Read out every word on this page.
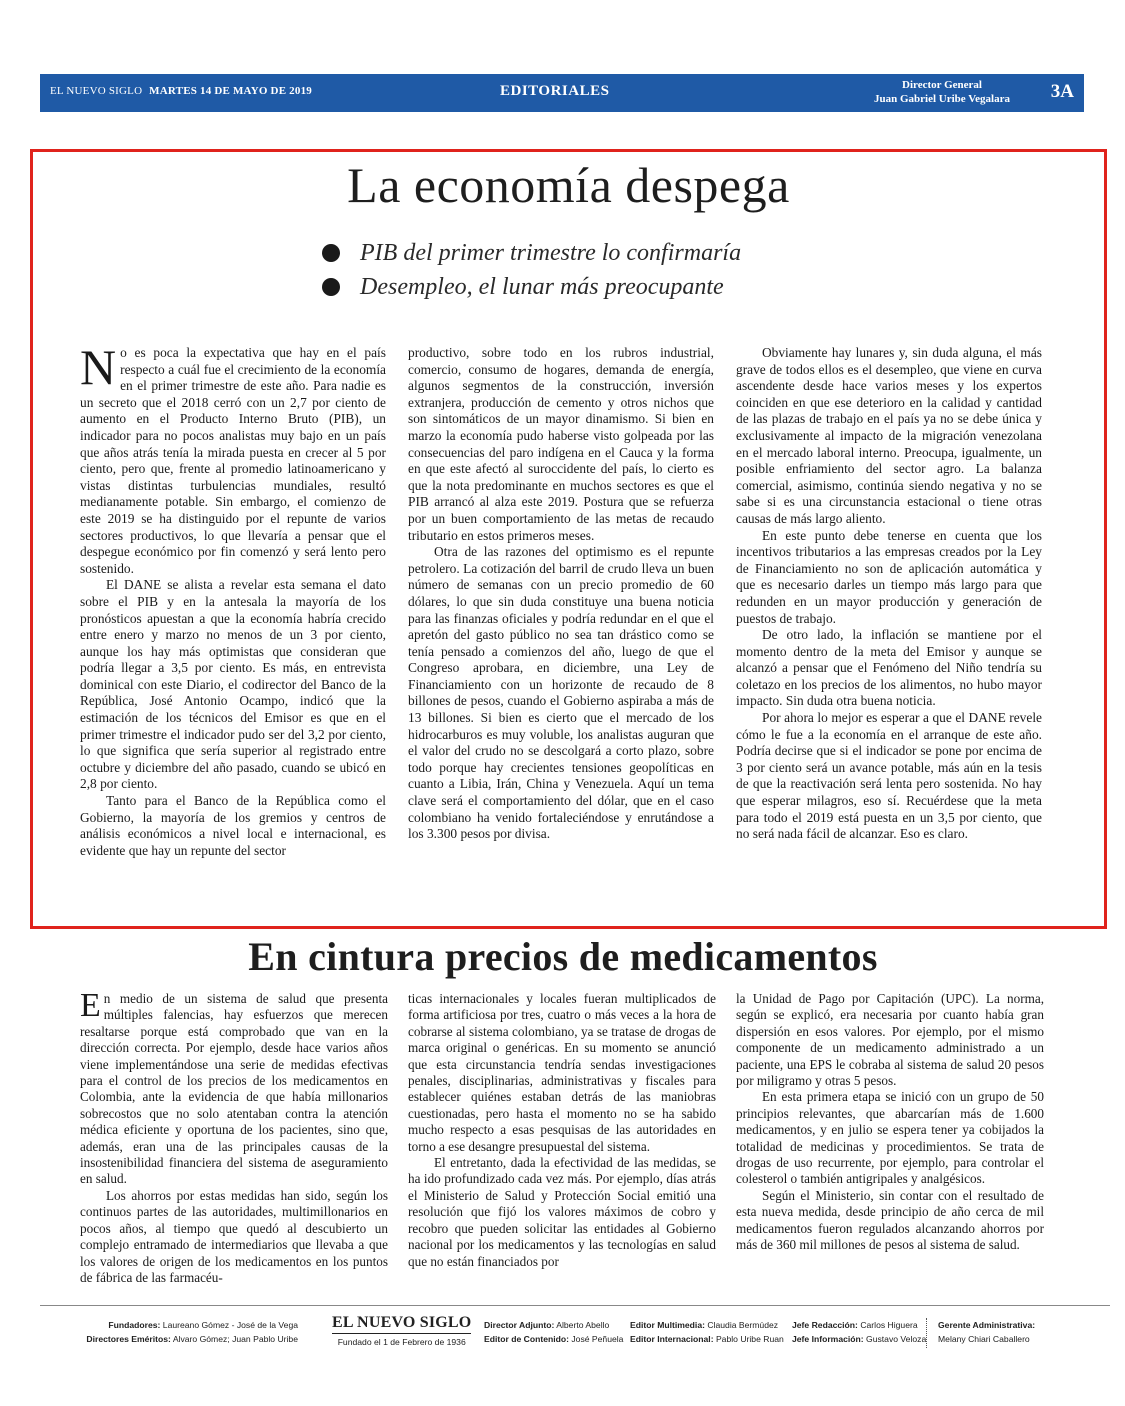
EL NUEVO SIGLO MARTES 14 DE MAYO DE 2019	EDITORIALES	Director General
Juan Gabriel Uribe Vegalara 3A
La economía despega
PIB del primer trimestre lo confirmaría
Desempleo, el lunar más preocupante

No es poca la expectativa que hay en el país respecto a cuál fue el crecimiento de la economía en el primer trimestre de este año. Para nadie es un secreto que el 2018 cerró con un 2,7 por ciento de aumento en el Producto Interno Bruto (PIB), un indicador para no pocos analistas muy bajo en un país que años atrás tenía la mirada puesta en crecer al 5 por ciento, pero que, frente al promedio latinoamericano y vistas distintas turbulencias mundiales, resultó medianamente potable. Sin embargo, el comienzo de este 2019 se ha distinguido por el repunte de varios sectores productivos, lo que llevaría a pensar que el despegue económico por fin comenzó y será lento pero sostenido.

El DANE se alista a revelar esta semana el dato sobre el PIB y en la antesala la mayoría de los pronósticos apuestan a que la economía habría crecido entre enero y marzo no menos de un 3 por ciento, aunque los hay más optimistas que consideran que podría llegar a 3,5 por ciento. Es más, en entrevista dominical con este Diario, el codirector del Banco de la República, José Antonio Ocampo, indicó que la estimación de los técnicos del Emisor es que en el primer trimestre el indicador pudo ser del 3,2 por ciento, lo que significa que sería superior al registrado entre octubre y diciembre del año pasado, cuando se ubicó en 2,8 por ciento.

Tanto para el Banco de la República como el Gobierno, la mayoría de los gremios y centros de análisis económicos a nivel local e internacional, es evidente que hay un repunte del sector

productivo, sobre todo en los rubros industrial, comercio, consumo de hogares, demanda de energía, algunos segmentos de la construcción, inversión extranjera, producción de cemento y otros nichos que son sintomáticos de un mayor dinamismo. Si bien en marzo la economía pudo haberse visto golpeada por las consecuencias del paro indígena en el Cauca y la forma en que este afectó al suroccidente del país, lo cierto es que la nota predominante en muchos sectores es que el PIB arrancó al alza este 2019. Postura que se refuerza por un buen comportamiento de las metas de recaudo tributario en estos primeros meses.

Otra de las razones del optimismo es el repunte petrolero. La cotización del barril de crudo lleva un buen número de semanas con un precio promedio de 60 dólares, lo que sin duda constituye una buena noticia para las finanzas oficiales y podría redundar en el que el apretón del gasto público no sea tan drástico como se tenía pensado a comienzos del año, luego de que el Congreso aprobara, en diciembre, una Ley de Financiamiento con un horizonte de recaudo de 8 billones de pesos, cuando el Gobierno aspiraba a más de 13 billones. Si bien es cierto que el mercado de los hidrocarburos es muy voluble, los analistas auguran que el valor del crudo no se descolgará a corto plazo, sobre todo porque hay crecientes tensiones geopolíticas en cuanto a Libia, Irán, China y Venezuela. Aquí un tema clave será el comportamiento del dólar, que en el caso colombiano ha venido fortaleciéndose y enrutándose a los 3.300 pesos por divisa.

Obviamente hay lunares y, sin duda alguna, el más grave de todos ellos es el desempleo, que viene en curva ascendente desde hace varios meses y los expertos coinciden en que ese deterioro en la calidad y cantidad de las plazas de trabajo en el país ya no se debe única y exclusivamente al impacto de la migración venezolana en el mercado laboral interno. Preocupa, igualmente, un posible enfriamiento del sector agro. La balanza comercial, asimismo, continúa siendo negativa y no se sabe si es una circunstancia estacional o tiene otras causas de más largo aliento.

En este punto debe tenerse en cuenta que los incentivos tributarios a las empresas creados por la Ley de Financiamiento no son de aplicación automática y que es necesario darles un tiempo más largo para que redunden en un mayor producción y generación de puestos de trabajo.

De otro lado, la inflación se mantiene por el momento dentro de la meta del Emisor y aunque se alcanzó a pensar que el Fenómeno del Niño tendría su coletazo en los precios de los alimentos, no hubo mayor impacto. Sin duda otra buena noticia.

Por ahora lo mejor es esperar a que el DANE revele cómo le fue a la economía en el arranque de este año. Podría decirse que si el indicador se pone por encima de 3 por ciento será un avance potable, más aún en la tesis de que la reactivación será lenta pero sostenida. No hay que esperar milagros, eso sí. Recuérdese que la meta para todo el 2019 está puesta en un 3,5 por ciento, que no será nada fácil de alcanzar. Eso es claro.

En cintura precios de medicamentos

En medio de un sistema de salud que presenta múltiples falencias, hay esfuerzos que merecen resaltarse porque está comprobado que van en la dirección correcta. Por ejemplo, desde hace varios años viene implementándose una serie de medidas efectivas para el control de los precios de los medicamentos en Colombia, ante la evidencia de que había millonarios sobrecostos que no solo atentaban contra la atención médica eficiente y oportuna de los pacientes, sino que, además, eran una de las principales causas de la insostenibilidad financiera del sistema de aseguramiento en salud.

Los ahorros por estas medidas han sido, según los continuos partes de las autoridades, multimillonarios en pocos años, al tiempo que quedó al descubierto un complejo entramado de intermediarios que llevaba a que los valores de origen de los medicamentos en los puntos de fábrica de las farmacéu-

ticas internacionales y locales fueran multiplicados de forma artificiosa por tres, cuatro o más veces a la hora de cobrarse al sistema colombiano, ya se tratase de drogas de marca original o genéricas. En su momento se anunció que esta circunstancia tendría sendas investigaciones penales, disciplinarias, administrativas y fiscales para establecer quiénes estaban detrás de las maniobras cuestionadas, pero hasta el momento no se ha sabido mucho respecto a esas pesquisas de las autoridades en torno a ese desangre presupuestal del sistema.

El entretanto, dada la efectividad de las medidas, se ha ido profundizado cada vez más. Por ejemplo, días atrás el Ministerio de Salud y Protección Social emitió una resolución que fijó los valores máximos de cobro y recobro que pueden solicitar las entidades al Gobierno nacional por los medicamentos y las tecnologías en salud que no están financiados por

la Unidad de Pago por Capitación (UPC). La norma, según se explicó, era necesaria por cuanto había gran dispersión en esos valores. Por ejemplo, por el mismo componente de un medicamento administrado a un paciente, una EPS le cobraba al sistema de salud 20 pesos por miligramo y otras 5 pesos.

En esta primera etapa se inició con un grupo de 50 principios relevantes, que abarcarían más de 1.600 medicamentos, y en julio se espera tener ya cobijados la totalidad de medicinas y procedimientos. Se trata de drogas de uso recurrente, por ejemplo, para controlar el colesterol o también antigripales y analgésicos.

Según el Ministerio, sin contar con el resultado de esta nueva medida, desde principio de año cerca de mil medicamentos fueron regulados alcanzando ahorros por más de 360 mil millones de pesos al sistema de salud.

Fundadores: Laureano Gómez - José de la Vega
Directores Eméritos: Alvaro Gómez; Juan Pablo Uribe
EL NUEVO SIGLO
Fundado el 1 de Febrero de 1936
Director Adjunto: Alberto Abello
Editor de Contenido: José Peñuela
Editor Multimedia: Claudia Bermúdez
Editor Internacional: Pablo Uribe Ruan
Jefe Redacción: Carlos Higuera
Jefe Información: Gustavo Veloza
Gerente Administrativa:
Melany Chiari Caballero
